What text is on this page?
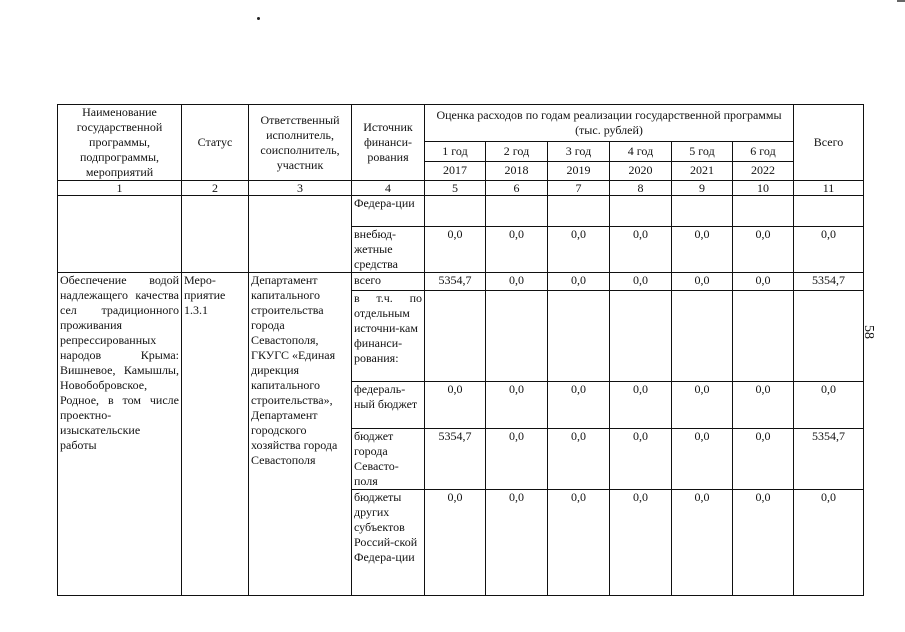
58
Наименование государственной программы, подпрограммы, мероприятий	Статус	Ответственный исполнитель, соисполнитель, участник	Источник финанси-рования	Оценка расходов по годам реализации государственной программы (тыс. рублей)						Всего
				1 год	2 год	3 год	4 год	5 год	6 год	
				2017	2018	2019	2020	2021	2022	
1	2	3	4	5	6	7	8	9	10	11
			Федера-ции							
			внебюд-жетные средства	0,0	0,0	0,0	0,0	0,0	0,0	0,0
Обеспечение водой надлежащего качества сел традиционного проживания репрессированных народов Крыма: Вишневое, Камышлы, Новобобровское, Родное, в том числе проектно-изыскательские работы	Меро-приятие 1.3.1	Департамент капитального строительства города Севастополя, ГКУГС «Единая дирекция капитального строительства», Департамент городского хозяйства города Севастополя	всего	5354,7	0,0	0,0	0,0	0,0	0,0	5354,7
			в т.ч. по отдельным источни-кам финанси-рования:							
			федераль-ный бюджет	0,0	0,0	0,0	0,0	0,0	0,0	0,0
			бюджет города Севасто-поля	5354,7	0,0	0,0	0,0	0,0	0,0	5354,7
			бюджеты других субъектов Россий-ской Федера-ции	0,0	0,0	0,0	0,0	0,0	0,0	0,0
